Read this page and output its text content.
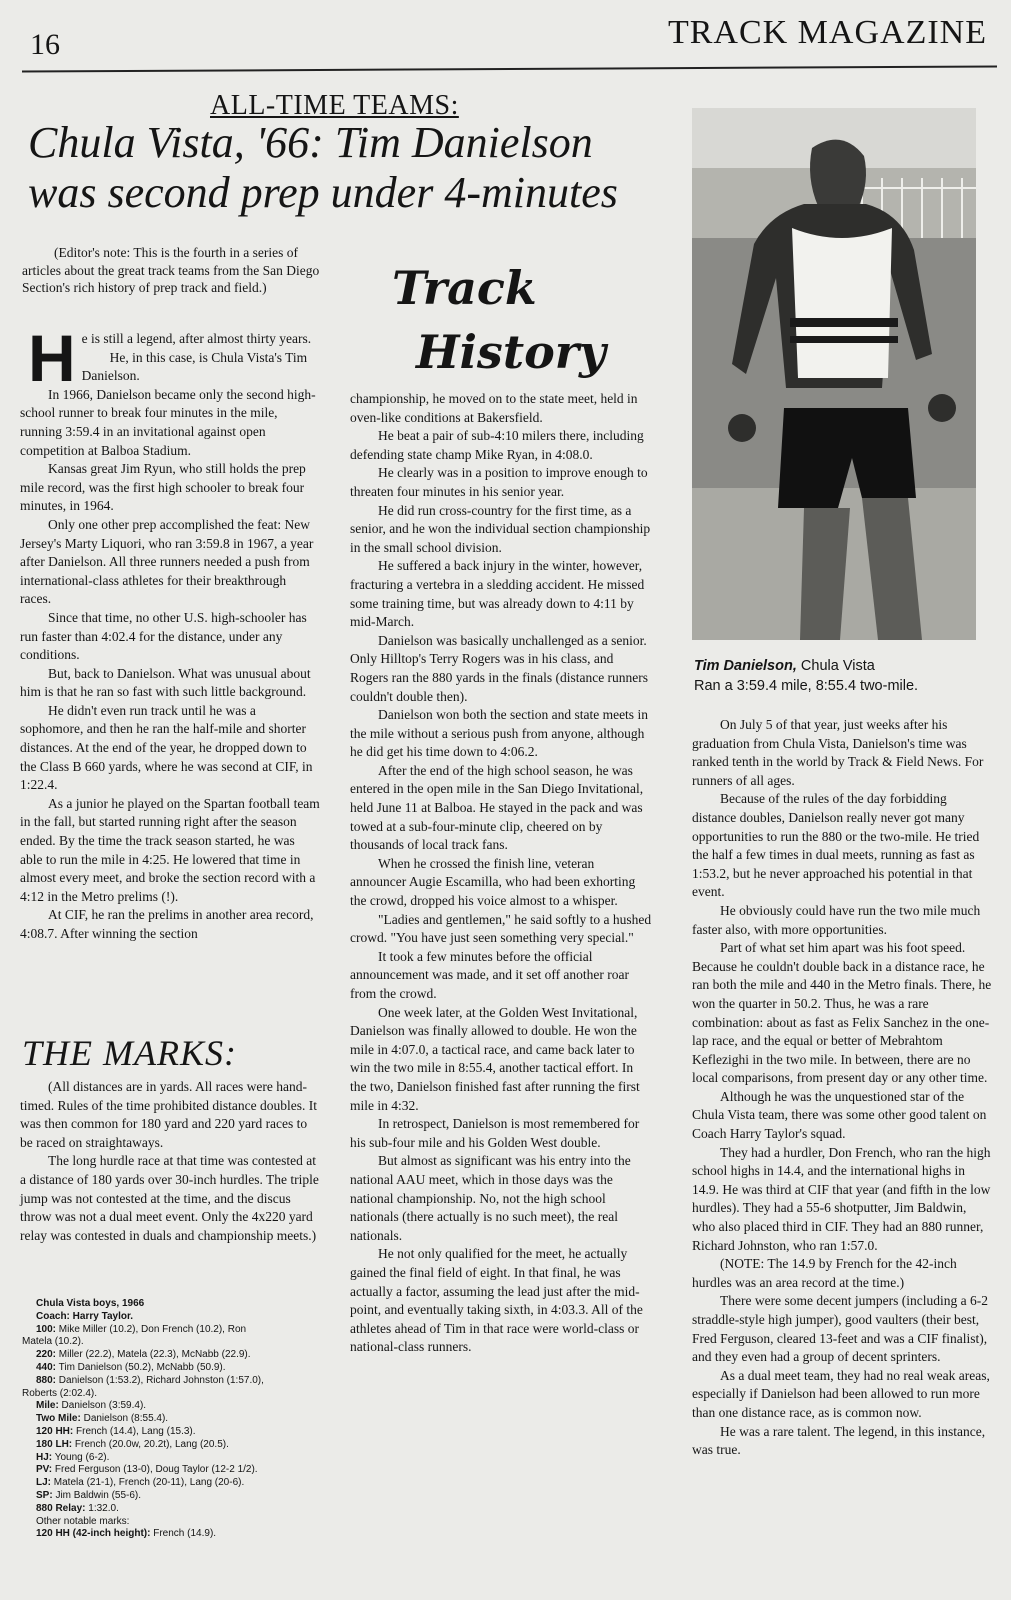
16	TRACK MAGAZINE
ALL-TIME TEAMS:
Chula Vista, '66: Tim Danielson was second prep under 4-minutes

(Editor's note: This is the fourth in a series of articles about the great track teams from the San Diego Section's rich history of prep track and field.)	Track
History

He is still a legend, after almost thirty years.

He, in this case, is Chula Vista's Tim Danielson.

In 1966, Danielson became only the second high-school runner to break four minutes in the mile, running 3:59.4 in an invitational against open competition at Balboa Stadium.

Kansas great Jim Ryun, who still holds the prep mile record, was the first high schooler to break four minutes, in 1964.

Only one other prep accomplished the feat: New Jersey's Marty Liquori, who ran 3:59.8 in 1967, a year after Danielson. All three runners needed a push from international-class athletes for their breakthrough races.

Since that time, no other U.S. high-schooler has run faster than 4:02.4 for the distance, under any conditions.

But, back to Danielson. What was unusual about him is that he ran so fast with such little background.

He didn't even run track until he was a sophomore, and then he ran the half-mile and shorter distances. At the end of the year, he dropped down to the Class B 660 yards, where he was second at CIF, in 1:22.4.

As a junior he played on the Spartan football team in the fall, but started running right after the season ended. By the time the track season started, he was able to run the mile in 4:25. He lowered that time in almost every meet, and broke the section record with a 4:12 in the Metro prelims (!).

At CIF, he ran the prelims in another area record, 4:08.7. After winning the section

THE MARKS:

(All distances are in yards. All races were hand-timed. Rules of the time prohibited distance doubles. It was then common for 180 yard and 220 yard races to be raced on straightaways.

The long hurdle race at that time was contested at a distance of 180 yards over 30-inch hurdles. The triple jump was not contested at the time, and the discus throw was not a dual meet event. Only the 4x220 yard relay was contested in duals and championship meets.)

Chula Vista boys, 1966
Coach: Harry Taylor.
100: Mike Miller (10.2), Don French (10.2), Ron
Matela (10.2).
220: Miller (22.2), Matela (22.3), McNabb (22.9).
440: Tim Danielson (50.2), McNabb (50.9).
880: Danielson (1:53.2), Richard Johnston (1:57.0),
Roberts (2:02.4).
Mile: Danielson (3:59.4).
Two Mile: Danielson (8:55.4).
120 HH: French (14.4), Lang (15.3).
180 LH: French (20.0w, 20.2t), Lang (20.5).
HJ: Young (6-2).
PV: Fred Ferguson (13-0), Doug Taylor (12-2 1/2).
LJ: Matela (21-1), French (20-11), Lang (20-6).
SP: Jim Baldwin (55-6).
880 Relay: 1:32.0.
Other notable marks:
120 HH (42-inch height): French (14.9).

championship, he moved on to the state meet, held in oven-like conditions at Bakersfield.

He beat a pair of sub-4:10 milers there, including defending state champ Mike Ryan, in 4:08.0.

He clearly was in a position to improve enough to threaten four minutes in his senior year.

He did run cross-country for the first time, as a senior, and he won the individual section championship in the small school division.

He suffered a back injury in the winter, however, fracturing a vertebra in a sledding accident. He missed some training time, but was already down to 4:11 by mid-March.

Danielson was basically unchallenged as a senior. Only Hilltop's Terry Rogers was in his class, and Rogers ran the 880 yards in the finals (distance runners couldn't double then).

Danielson won both the section and state meets in the mile without a serious push from anyone, although he did get his time down to 4:06.2.

After the end of the high school season, he was entered in the open mile in the San Diego Invitational, held June 11 at Balboa. He stayed in the pack and was towed at a sub-four-minute clip, cheered on by thousands of local track fans.

When he crossed the finish line, veteran announcer Augie Escamilla, who had been exhorting the crowd, dropped his voice almost to a whisper.

"Ladies and gentlemen," he said softly to a hushed crowd. "You have just seen something very special."

It took a few minutes before the official announcement was made, and it set off another roar from the crowd.

One week later, at the Golden West Invitational, Danielson was finally allowed to double. He won the mile in 4:07.0, a tactical race, and came back later to win the two mile in 8:55.4, another tactical effort. In the two, Danielson finished fast after running the first mile in 4:32.

In retrospect, Danielson is most remembered for his sub-four mile and his Golden West double.

But almost as significant was his entry into the national AAU meet, which in those days was the national championship. No, not the high school nationals (there actually is no such meet), the real nationals.

He not only qualified for the meet, he actually gained the final field of eight. In that final, he was actually a factor, assuming the lead just after the mid-point, and eventually taking sixth, in 4:03.3. All of the athletes ahead of Tim in that race were world-class or national-class runners.

Tim Danielson, Chula Vista
Ran a 3:59.4 mile, 8:55.4 two-mile.

On July 5 of that year, just weeks after his graduation from Chula Vista, Danielson's time was ranked tenth in the world by Track & Field News. For runners of all ages.

Because of the rules of the day forbidding distance doubles, Danielson really never got many opportunities to run the 880 or the two-mile. He tried the half a few times in dual meets, running as fast as 1:53.2, but he never approached his potential in that event.

He obviously could have run the two mile much faster also, with more opportunities.

Part of what set him apart was his foot speed. Because he couldn't double back in a distance race, he ran both the mile and 440 in the Metro finals. There, he won the quarter in 50.2. Thus, he was a rare combination: about as fast as Felix Sanchez in the one-lap race, and the equal or better of Mebrahtom Keflezighi in the two mile. In between, there are no local comparisons, from present day or any other time.

Although he was the unquestioned star of the Chula Vista team, there was some other good talent on Coach Harry Taylor's squad.

They had a hurdler, Don French, who ran the high school highs in 14.4, and the international highs in 14.9. He was third at CIF that year (and fifth in the low hurdles). They had a 55-6 shotputter, Jim Baldwin, who also placed third in CIF. They had an 880 runner, Richard Johnston, who ran 1:57.0.

(NOTE: The 14.9 by French for the 42-inch hurdles was an area record at the time.)

There were some decent jumpers (including a 6-2 straddle-style high jumper), good vaulters (their best, Fred Ferguson, cleared 13-feet and was a CIF finalist), and they even had a group of decent sprinters.

As a dual meet team, they had no real weak areas, especially if Danielson had been allowed to run more than one distance race, as is common now.

He was a rare talent. The legend, in this instance, was true.
